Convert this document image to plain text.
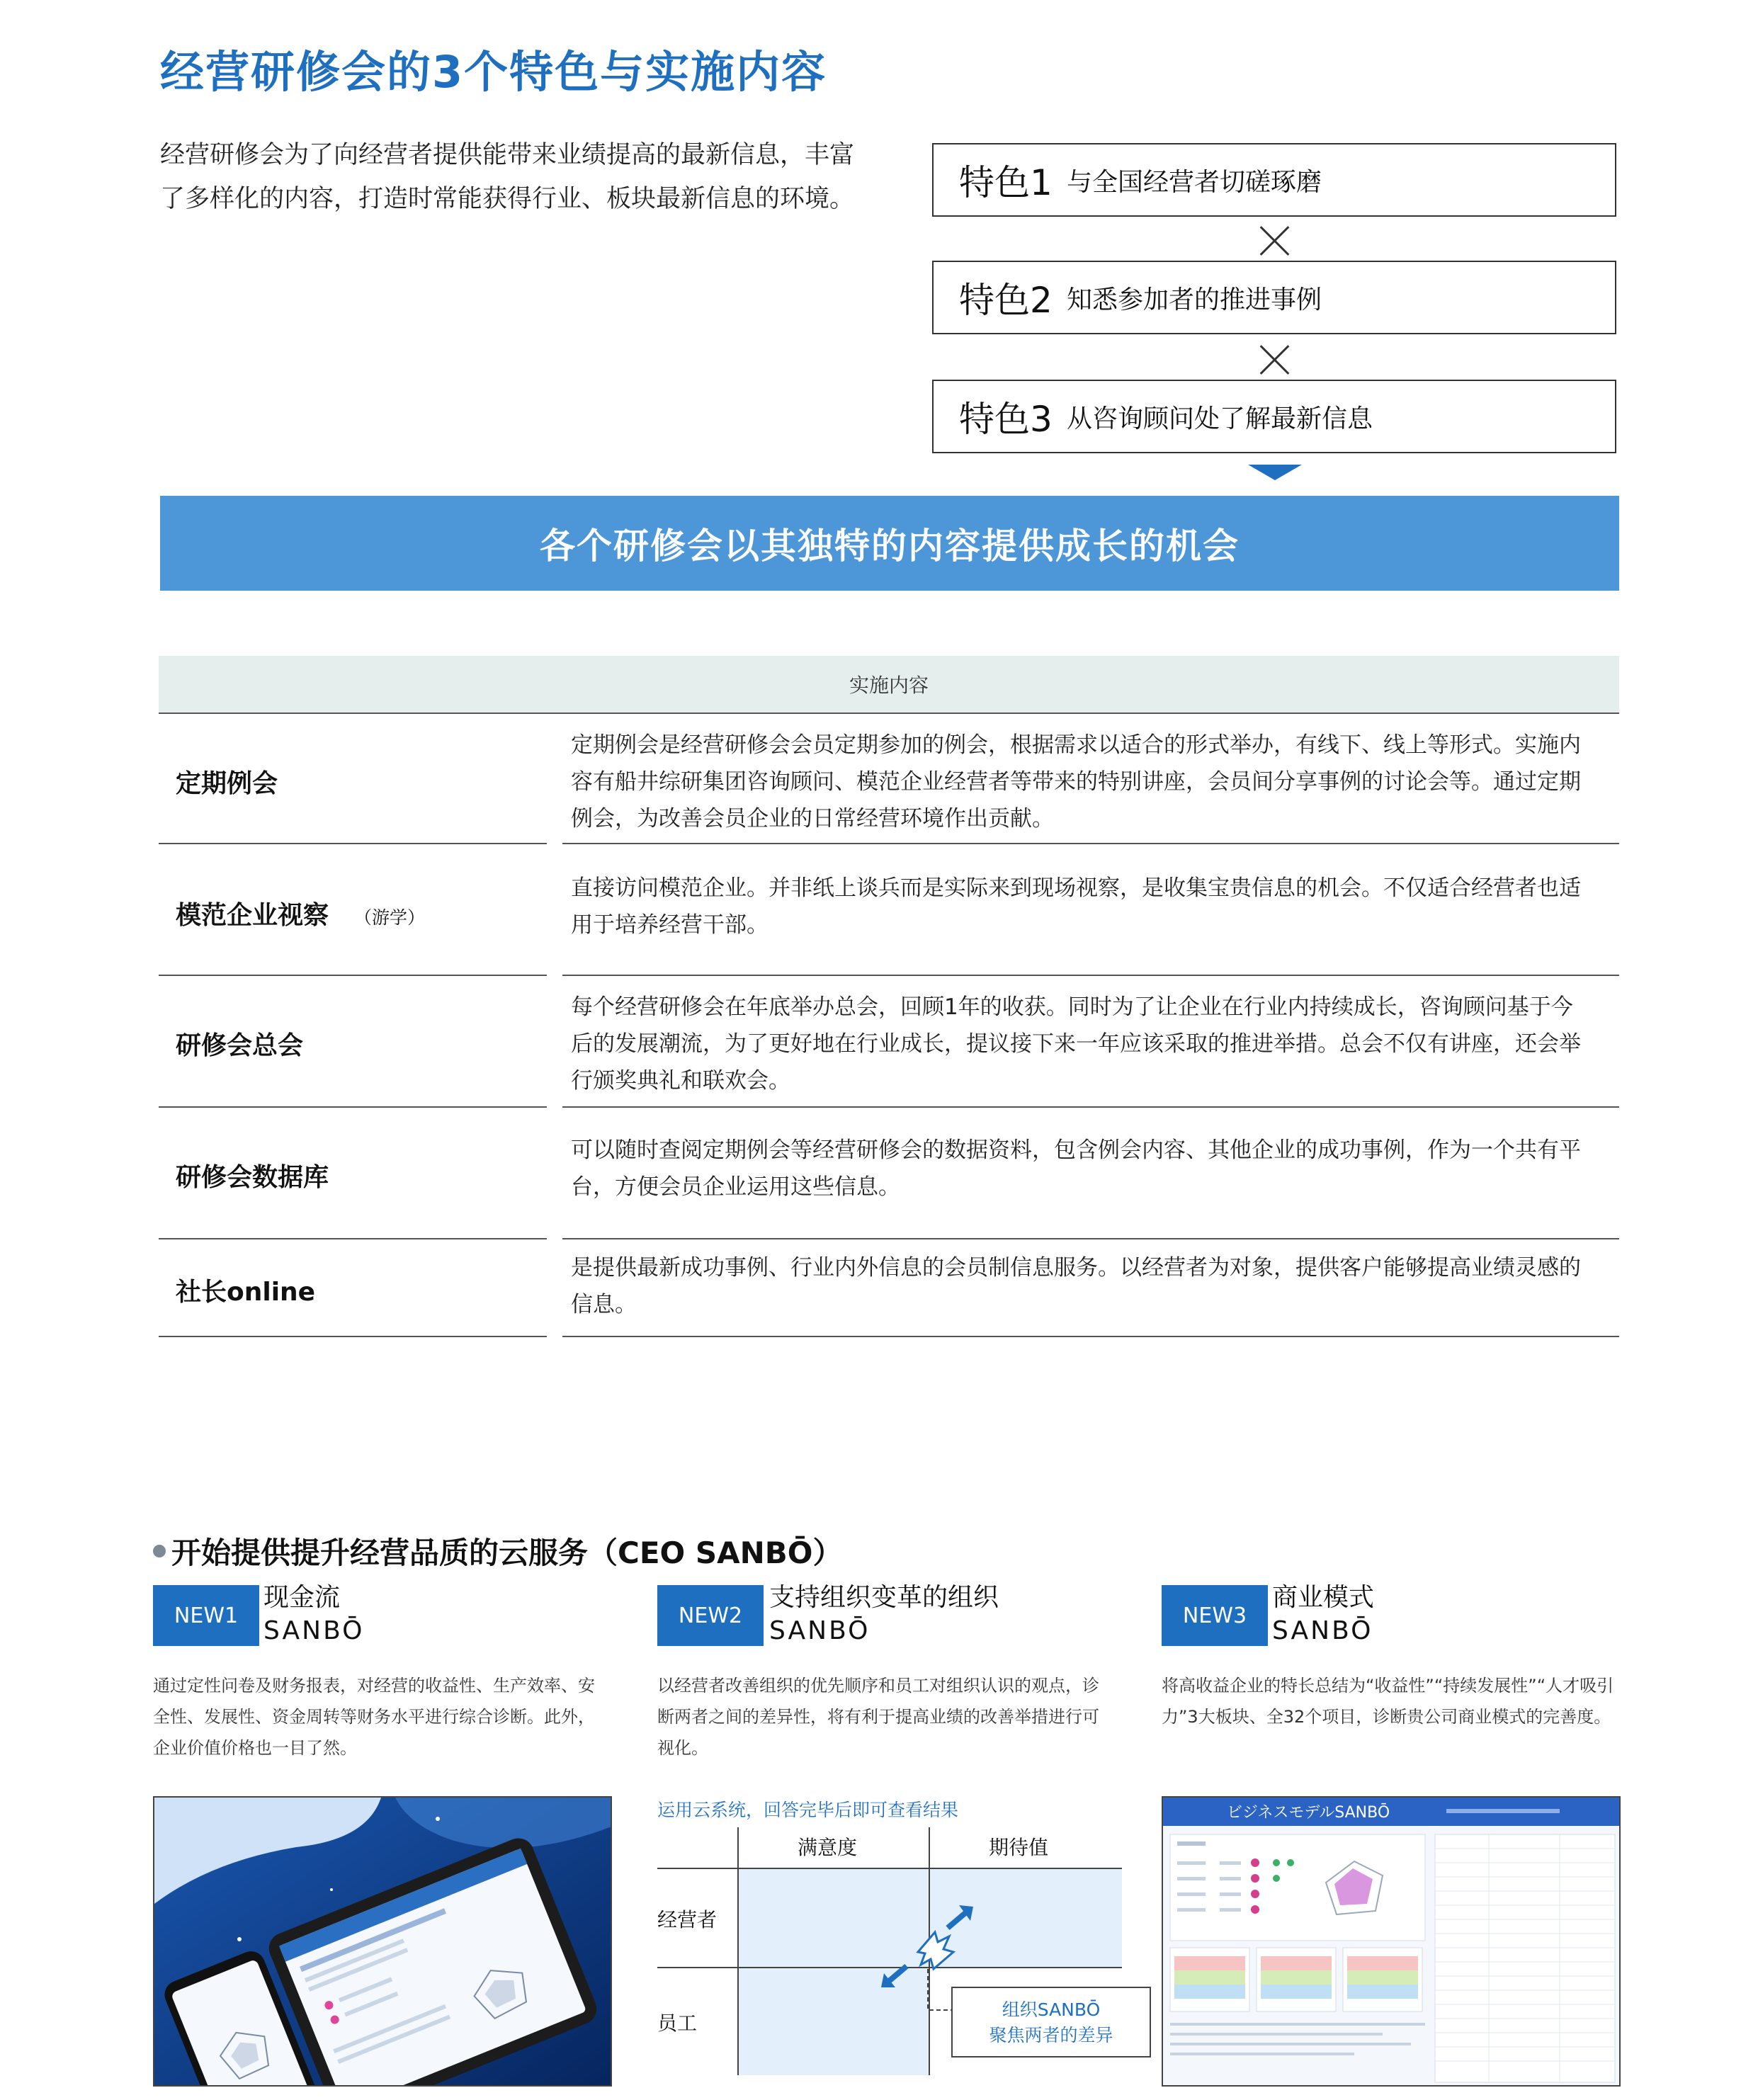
经营研修会的3个特色与实施内容
经营研修会为了向经营者提供能带来业绩提高的最新信息，丰富了多样化的内容，打造时常能获得行业、板块最新信息的环境。	特色1 与全国经营者切磋琢磨
特色2 知悉参加者的推进事例
特色3 从咨询顾问处了解最新信息
各个研修会以其独特的内容提供成长的机会
实施内容
定期例会
定期例会是经营研修会会员定期参加的例会，根据需求以适合的形式举办，有线下、线上等形式。实施内容有船井综研集团咨询顾问、模范企业经营者等带来的特别讲座，会员间分享事例的讨论会等。通过定期例会，为改善会员企业的日常经营环境作出贡献。
模范企业视察 （游学）
直接访问模范企业。并非纸上谈兵而是实际来到现场视察，是收集宝贵信息的机会。不仅适合经营者也适用于培养经营干部。
研修会总会
每个经营研修会在年底举办总会，回顾1年的收获。同时为了让企业在行业内持续成长，咨询顾问基于今后的发展潮流，为了更好地在行业成长，提议接下来一年应该采取的推进举措。总会不仅有讲座，还会举行颁奖典礼和联欢会。
研修会数据库
可以随时查阅定期例会等经营研修会的数据资料，包含例会内容、其他企业的成功事例，作为一个共有平台，方便会员企业运用这些信息。
社长online
是提供最新成功事例、行业内外信息的会员制信息服务。以经营者为对象，提供客户能够提高业绩灵感的信息。
开始提供提升经营品质的云服务（CEO SANBŌ）
NEW1
现金流
SANBŌ
通过定性问卷及财务报表，对经营的收益性、生产效率、安全性、发展性、资金周转等财务水平进行综合诊断。此外，企业价值价格也一目了然。
NEW2
支持组织变革的组织
SANBŌ
以经营者改善组织的优先顺序和员工对组织认识的观点，诊断两者之间的差异性，将有利于提高业绩的改善举措进行可视化。
NEW3
商业模式
SANBŌ
将高收益企业的特长总结为“收益性”“持续发展性”“人才吸引力”3大板块、全32个项目，诊断贵公司商业模式的完善度。
运用云系统，回答完毕后即可查看结果
满意度	期待值
经营者
员工
组织SANBŌ
聚焦两者的差异
ビジネスモデルSANBŌ
